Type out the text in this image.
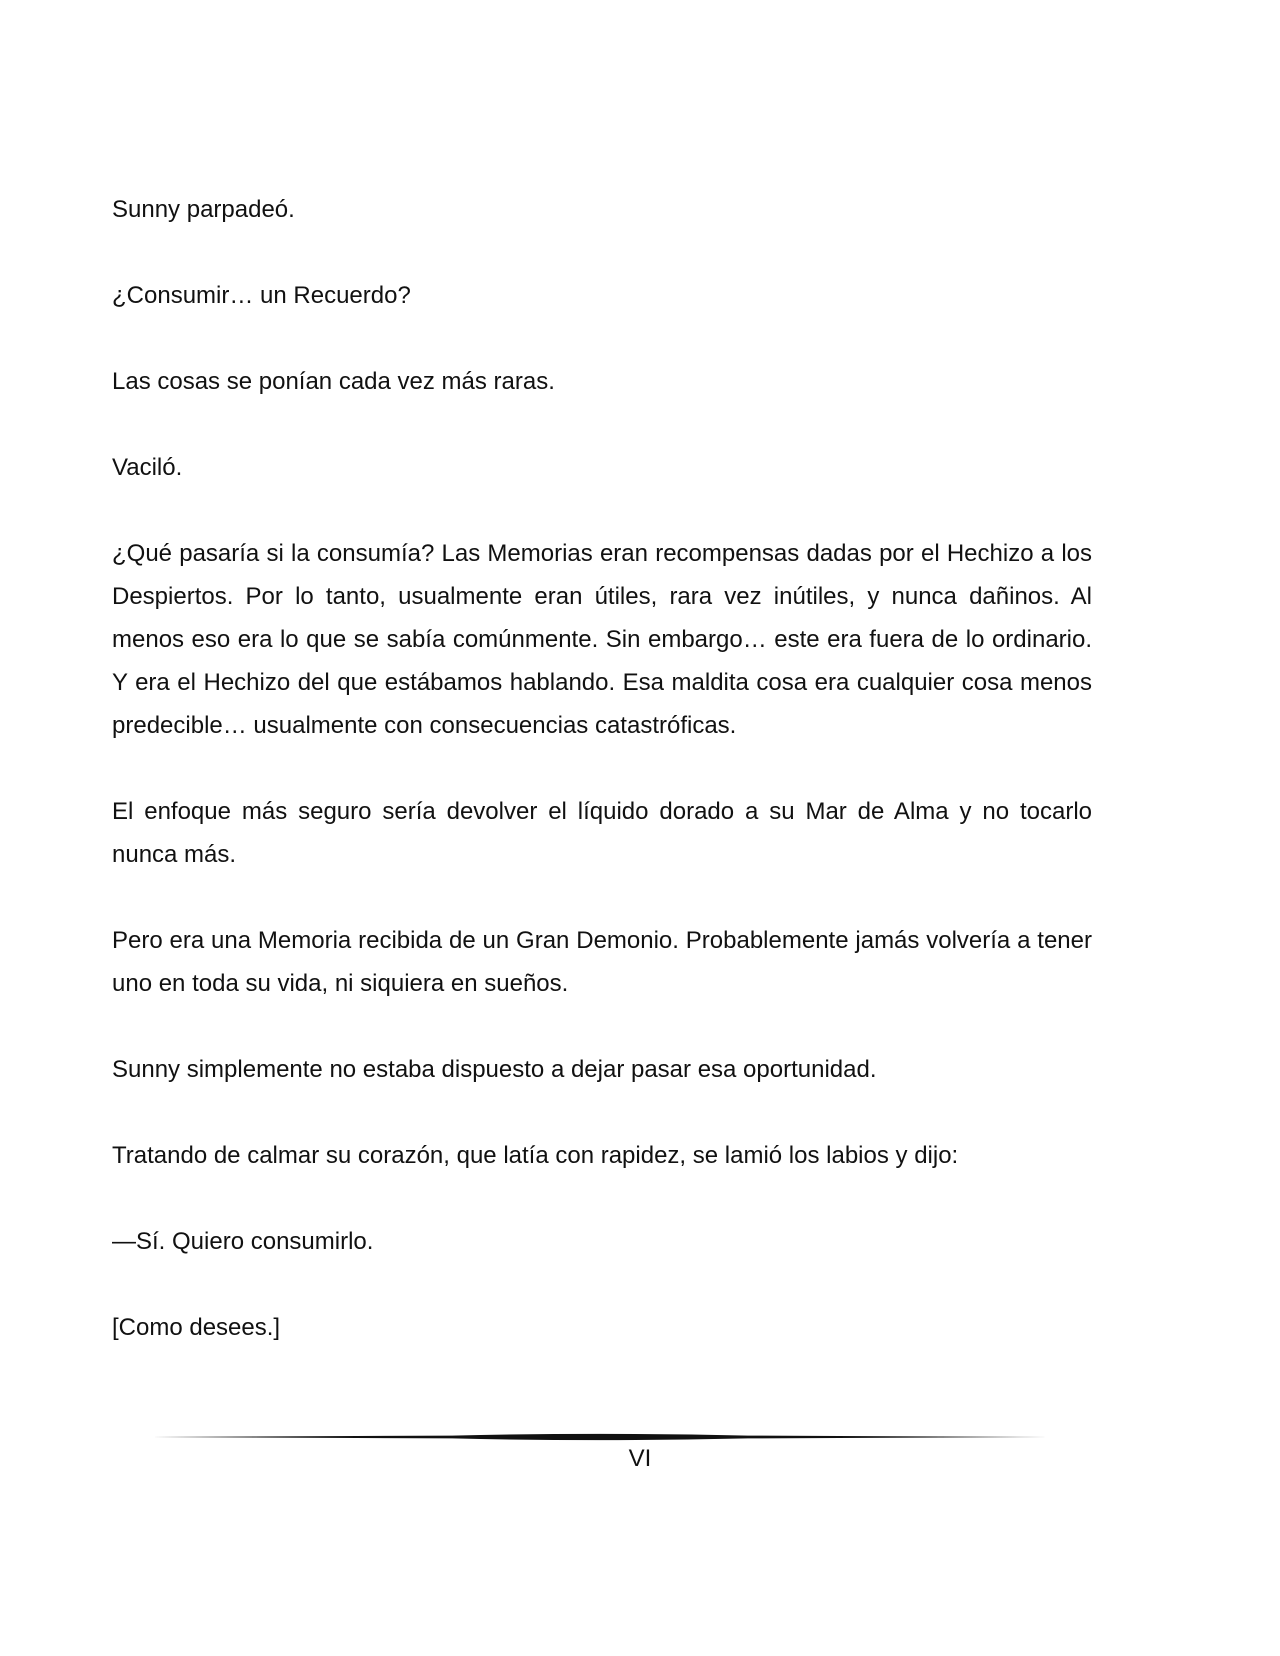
Sunny parpadeó.

¿Consumir… un Recuerdo?

Las cosas se ponían cada vez más raras.

Vaciló.

¿Qué pasaría si la consumía? Las Memorias eran recompensas dadas por el Hechizo a los Despiertos. Por lo tanto, usualmente eran útiles, rara vez inútiles, y nunca dañinos. Al menos eso era lo que se sabía comúnmente. Sin embargo… este era fuera de lo ordinario. Y era el Hechizo del que estábamos hablando. Esa maldita cosa era cualquier cosa menos predecible… usualmente con consecuencias catastróficas.

El enfoque más seguro sería devolver el líquido dorado a su Mar de Alma y no tocarlo nunca más.

Pero era una Memoria recibida de un Gran Demonio. Probablemente jamás volvería a tener uno en toda su vida, ni siquiera en sueños.

Sunny simplemente no estaba dispuesto a dejar pasar esa oportunidad.

Tratando de calmar su corazón, que latía con rapidez, se lamió los labios y dijo:

—Sí. Quiero consumirlo.

[Como desees.]

VI
